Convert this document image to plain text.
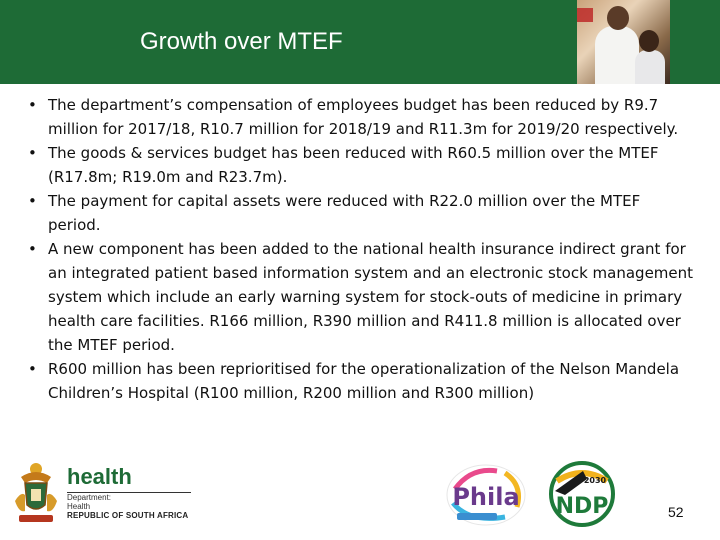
Growth over MTEF
• The department’s compensation of employees budget has been reduced by R9.7 million for 2017/18, R10.7 million for 2018/19 and R11.3m for 2019/20 respectively.
• The goods & services budget has been reduced with R60.5 million over the MTEF (R17.8m; R19.0m and R23.7m).
• The payment for capital assets were reduced with R22.0 million over the MTEF period.
• A new component has been added to the national health insurance indirect grant for an integrated patient based information system and an electronic stock management system which include an early warning system for stock-outs of medicine in primary health care facilities. R166 million, R390 million and R411.8 million is allocated over the MTEF period.
• R600 million has been reprioritised for the operationalization of the Nelson Mandela Children’s Hospital (R100 million, R200 million and R300 million)
health
Department:
Health
REPUBLIC OF SOUTH AFRICA
Phila
2030
NDP	52
